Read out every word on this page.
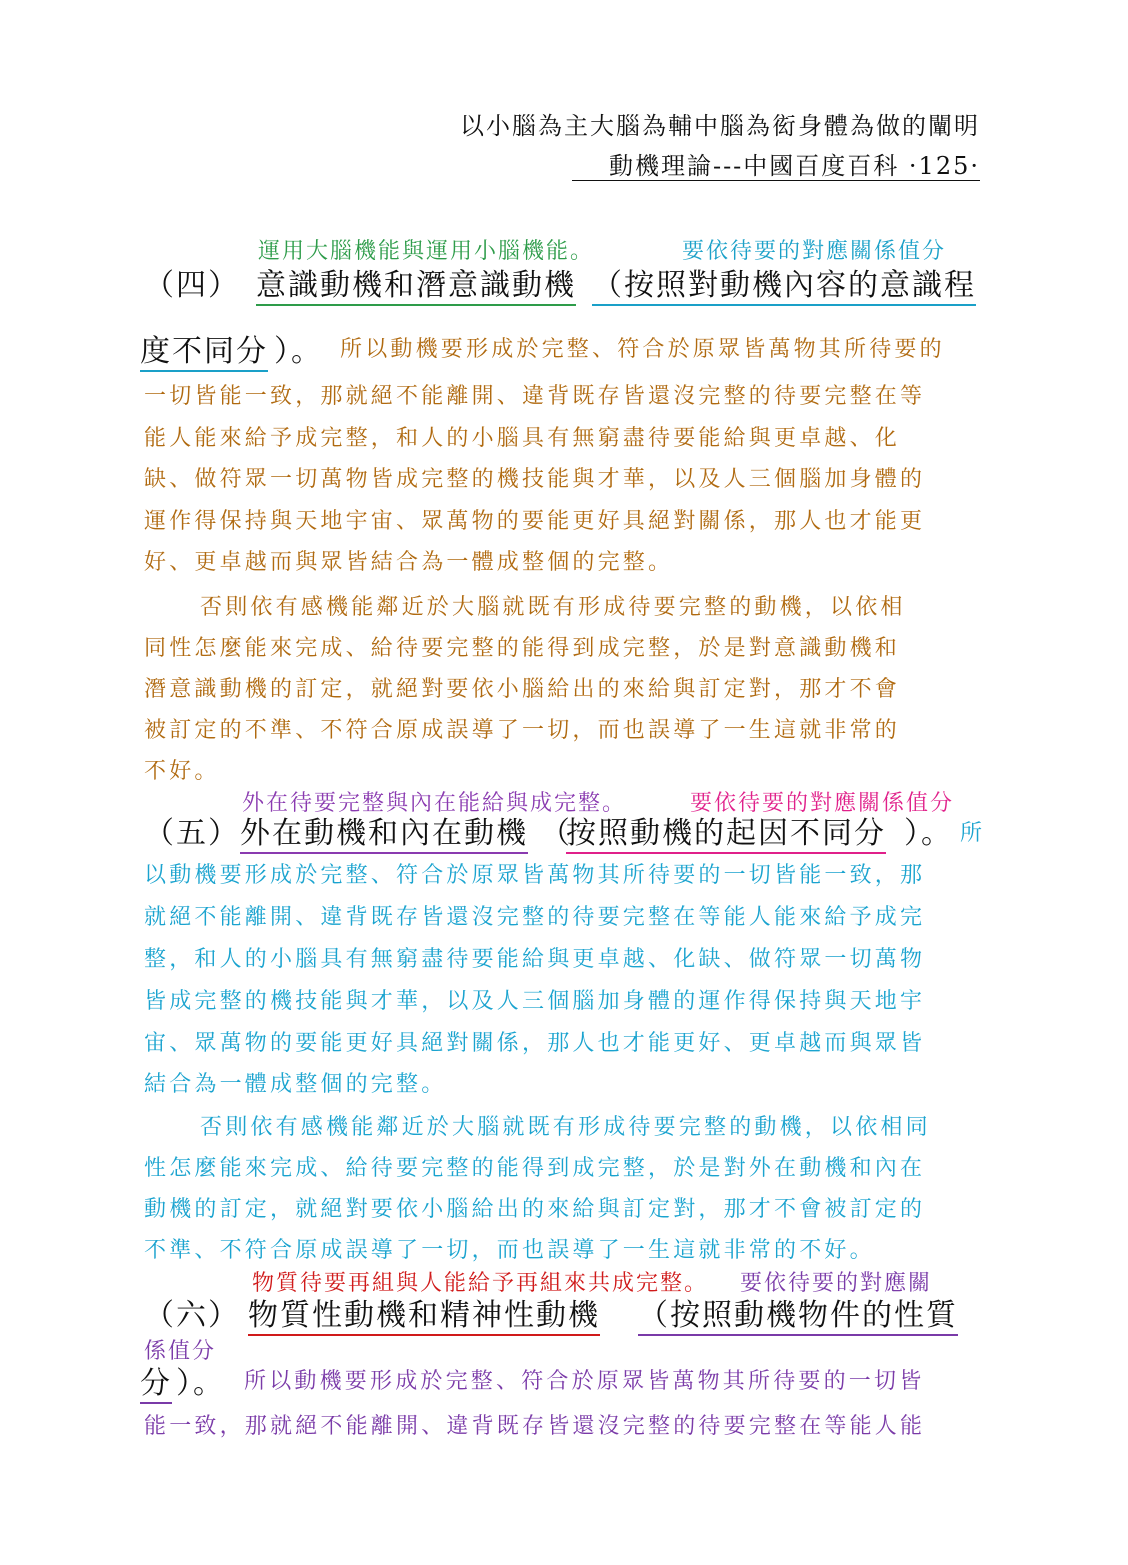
以小腦為主大腦為輔中腦為衒身體為做的闡明
動機理論---中國百度百科 ·125·
運用大腦機能與運用小腦機能。	要依待要的對應關係值分
（四） 意識動機和潛意識動機 （按照對動機內容的意識程
度不同分 ）。 所以動機要形成於完整、符合於原眾皆萬物其所待要的
一切皆能一致，那就絕不能離開、違背既存皆還沒完整的待要完整在等
能人能來給予成完整，和人的小腦具有無窮盡待要能給與更卓越、化
缺、做符眾一切萬物皆成完整的機技能與才華，以及人三個腦加身體的
運作得保持與天地宇宙、眾萬物的要能更好具絕對關係，那人也才能更
好、更卓越而與眾皆結合為一體成整個的完整。
否則依有感機能鄰近於大腦就既有形成待要完整的動機，以依相
同性怎麼能來完成、給待要完整的能得到成完整，於是對意識動機和
潛意識動機的訂定，就絕對要依小腦給出的來給與訂定對，那才不會
被訂定的不準、不符合原成誤導了一切，而也誤導了一生這就非常的
不好。
外在待要完整與內在能給與成完整。	要依待要的對應關係值分
（五） 外在動機和內在動機 （
按照動機的起因不同分 ）。 所
以動機要形成於完整、符合於原眾皆萬物其所待要的一切皆能一致，那
就絕不能離開、違背既存皆還沒完整的待要完整在等能人能來給予成完
整，和人的小腦具有無窮盡待要能給與更卓越、化缺、做符眾一切萬物
皆成完整的機技能與才華，以及人三個腦加身體的運作得保持與天地宇
宙、眾萬物的要能更好具絕對關係，那人也才能更好、更卓越而與眾皆
結合為一體成整個的完整。
否則依有感機能鄰近於大腦就既有形成待要完整的動機，以依相同
性怎麼能來完成、給待要完整的能得到成完整，於是對外在動機和內在
動機的訂定，就絕對要依小腦給出的來給與訂定對，那才不會被訂定的
不準、不符合原成誤導了一切，而也誤導了一生這就非常的不好。
物質待要再組與人能給予再組來共成完整。 要依待要的對應關
（六） 物質性動機和精神性動機 （按照動機物件的性質
係值分
分 ）。 所以動機要形成於完整、符合於原眾皆萬物其所待要的一切皆
能一致，那就絕不能離開、違背既存皆還沒完整的待要完整在等能人能
